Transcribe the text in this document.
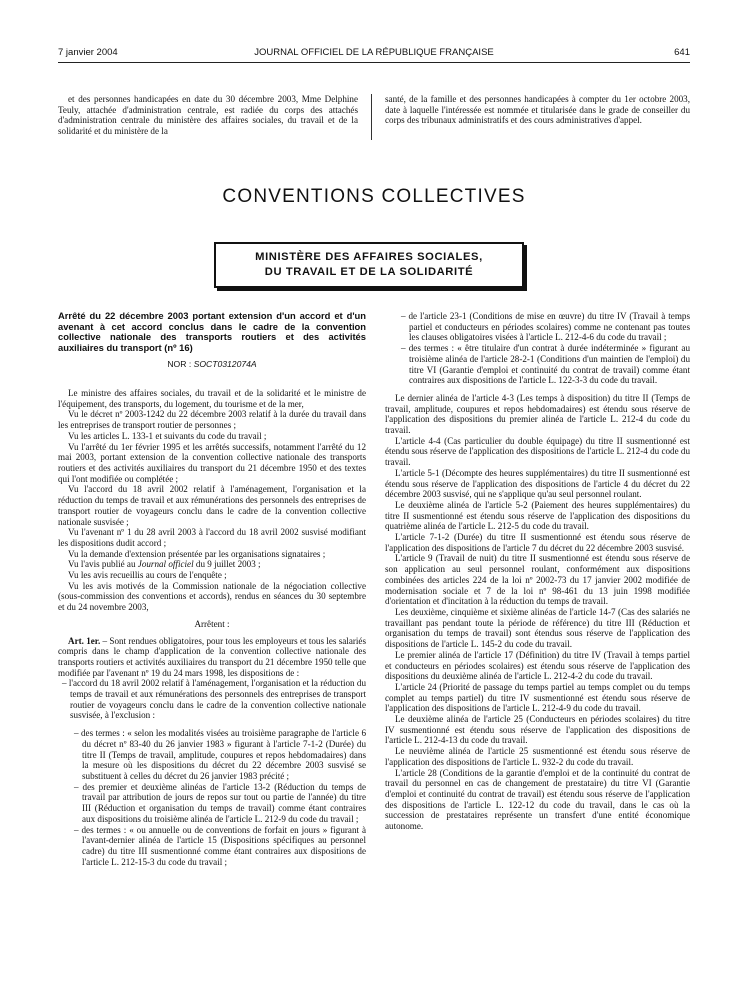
7 janvier 2004	JOURNAL OFFICIEL DE LA RÉPUBLIQUE FRANÇAISE	641

et des personnes handicapées en date du 30 décembre 2003, Mme Delphine Teuly, attachée d'administration centrale, est radiée du corps des attachés d'administration centrale du ministère des affaires sociales, du travail et de la solidarité et du ministère de la

santé, de la famille et des personnes handicapées à compter du 1er octobre 2003, date à laquelle l'intéressée est nommée et titularisée dans le grade de conseiller du corps des tribunaux administratifs et des cours administratives d'appel.

CONVENTIONS COLLECTIVES
MINISTÈRE DES AFFAIRES SOCIALES,
DU TRAVAIL ET DE LA SOLIDARITÉ

Arrêté du 22 décembre 2003 portant extension d'un accord et d'un avenant à cet accord conclus dans le cadre de la convention collective nationale des transports routiers et des activités auxiliaires du transport (nº 16)

NOR : SOCT0312074A

Le ministre des affaires sociales, du travail et de la solidarité et le ministre de l'équipement, des transports, du logement, du tourisme et de la mer,

Vu le décret nº 2003-1242 du 22 décembre 2003 relatif à la durée du travail dans les entreprises de transport routier de personnes ;

Vu les articles L. 133-1 et suivants du code du travail ;

Vu l'arrêté du 1er février 1995 et les arrêtés successifs, notamment l'arrêté du 12 mai 2003, portant extension de la convention collective nationale des transports routiers et des activités auxiliaires du transport du 21 décembre 1950 et des textes qui l'ont modifiée ou complétée ;

Vu l'accord du 18 avril 2002 relatif à l'aménagement, l'organisation et la réduction du temps de travail et aux rémunérations des personnels des entreprises de transport routier de voyageurs conclu dans le cadre de la convention collective nationale susvisée ;

Vu l'avenant nº 1 du 28 avril 2003 à l'accord du 18 avril 2002 susvisé modifiant les dispositions dudit accord ;

Vu la demande d'extension présentée par les organisations signataires ;

Vu l'avis publié au Journal officiel du 9 juillet 2003 ;

Vu les avis recueillis au cours de l'enquête ;

Vu les avis motivés de la Commission nationale de la négociation collective (sous-commission des conventions et accords), rendus en séances du 30 septembre et du 24 novembre 2003,

Arrêtent :

Art. 1er. – Sont rendues obligatoires, pour tous les employeurs et tous les salariés compris dans le champ d'application de la convention collective nationale des transports routiers et activités auxiliaires du transport du 21 décembre 1950 telle que modifiée par l'avenant nº 19 du 24 mars 1998, les dispositions de :

– l'accord du 18 avril 2002 relatif à l'aménagement, l'organisation et la réduction du temps de travail et aux rémunérations des personnels des entreprises de transport routier de voyageurs conclu dans le cadre de la convention collective nationale susvisée, à l'exclusion :

– des termes : « selon les modalités visées au troisième paragraphe de l'article 6 du décret nº 83-40 du 26 janvier 1983 » figurant à l'article 7-1-2 (Durée) du titre II (Temps de travail, amplitude, coupures et repos hebdomadaires) dans la mesure où les dispositions du décret du 22 décembre 2003 susvisé se substituent à celles du décret du 26 janvier 1983 précité ;

– des premier et deuxième alinéas de l'article 13-2 (Réduction du temps de travail par attribution de jours de repos sur tout ou partie de l'année) du titre III (Réduction et organisation du temps de travail) comme étant contraires aux dispositions du troisième alinéa de l'article L. 212-9 du code du travail ;

– des termes : « ou annuelle ou de conventions de forfait en jours » figurant à l'avant-dernier alinéa de l'article 15 (Dispositions spécifiques au personnel cadre) du titre III susmentionné comme étant contraires aux dispositions de l'article L. 212-15-3 du code du travail ;

– de l'article 23-1 (Conditions de mise en œuvre) du titre IV (Travail à temps partiel et conducteurs en périodes scolaires) comme ne contenant pas toutes les clauses obligatoires visées à l'article L. 212-4-6 du code du travail ;

– des termes : « être titulaire d'un contrat à durée indéterminée » figurant au troisième alinéa de l'article 28-2-1 (Conditions d'un maintien de l'emploi) du titre VI (Garantie d'emploi et continuité du contrat de travail) comme étant contraires aux dispositions de l'article L. 122-3-3 du code du travail.

Le dernier alinéa de l'article 4-3 (Les temps à disposition) du titre II (Temps de travail, amplitude, coupures et repos hebdomadaires) est étendu sous réserve de l'application des dispositions du premier alinéa de l'article L. 212-4 du code du travail.

L'article 4-4 (Cas particulier du double équipage) du titre II susmentionné est étendu sous réserve de l'application des dispositions de l'article L. 212-4 du code du travail.

L'article 5-1 (Décompte des heures supplémentaires) du titre II susmentionné est étendu sous réserve de l'application des dispositions de l'article 4 du décret du 22 décembre 2003 susvisé, qui ne s'applique qu'au seul personnel roulant.

Le deuxième alinéa de l'article 5-2 (Paiement des heures supplémentaires) du titre II susmentionné est étendu sous réserve de l'application des dispositions du quatrième alinéa de l'article L. 212-5 du code du travail.

L'article 7-1-2 (Durée) du titre II susmentionné est étendu sous réserve de l'application des dispositions de l'article 7 du décret du 22 décembre 2003 susvisé.

L'article 9 (Travail de nuit) du titre II susmentionné est étendu sous réserve de son application au seul personnel roulant, conformément aux dispositions combinées des articles 224 de la loi nº 2002-73 du 17 janvier 2002 modifiée de modernisation sociale et 7 de la loi nº 98-461 du 13 juin 1998 modifiée d'orientation et d'incitation à la réduction du temps de travail.

Les deuxième, cinquième et sixième alinéas de l'article 14-7 (Cas des salariés ne travaillant pas pendant toute la période de référence) du titre III (Réduction et organisation du temps de travail) sont étendus sous réserve de l'application des dispositions de l'article L. 145-2 du code du travail.

Le premier alinéa de l'article 17 (Définition) du titre IV (Travail à temps partiel et conducteurs en périodes scolaires) est étendu sous réserve de l'application des dispositions du deuxième alinéa de l'article L. 212-4-2 du code du travail.

L'article 24 (Priorité de passage du temps partiel au temps complet ou du temps complet au temps partiel) du titre IV susmentionné est étendu sous réserve de l'application des dispositions de l'article L. 212-4-9 du code du travail.

Le deuxième alinéa de l'article 25 (Conducteurs en périodes scolaires) du titre IV susmentionné est étendu sous réserve de l'application des dispositions de l'article L. 212-4-13 du code du travail.

Le neuvième alinéa de l'article 25 susmentionné est étendu sous réserve de l'application des dispositions de l'article L. 932-2 du code du travail.

L'article 28 (Conditions de la garantie d'emploi et de la continuité du contrat de travail du personnel en cas de changement de prestataire) du titre VI (Garantie d'emploi et continuité du contrat de travail) est étendu sous réserve de l'application des dispositions de l'article L. 122-12 du code du travail, dans le cas où la succession de prestataires représente un transfert d'une entité économique autonome.
